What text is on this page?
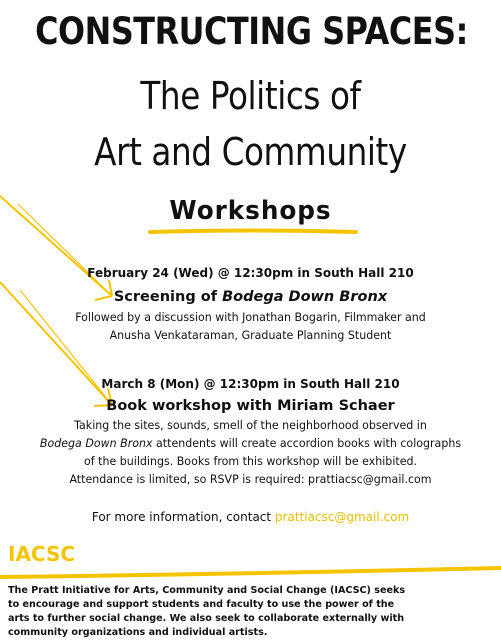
CONSTRUCTING SPACES:
The Politics of
Art and Community
Workshops
February 24 (Wed) @ 12:30pm in South Hall 210
Screening of Bodega Down Bronx
Followed by a discussion with Jonathan Bogarin, Filmmaker and
Anusha Venkataraman, Graduate Planning Student
March 8 (Mon) @ 12:30pm in South Hall 210
Book workshop with Miriam Schaer
Taking the sites, sounds, smell of the neighborhood observed in
Bodega Down Bronx attendents will create accordion books with colographs
of the buildings. Books from this workshop will be exhibited.
Attendance is limited, so RSVP is required: prattiacsc@gmail.com
For more information, contact prattiacsc@gmail.com
IACSC
The Pratt Initiative for Arts, Community and Social Change (IACSC) seeks
to encourage and support students and faculty to use the power of the
arts to further social change. We also seek to collaborate externally with
community organizations and individual artists.
